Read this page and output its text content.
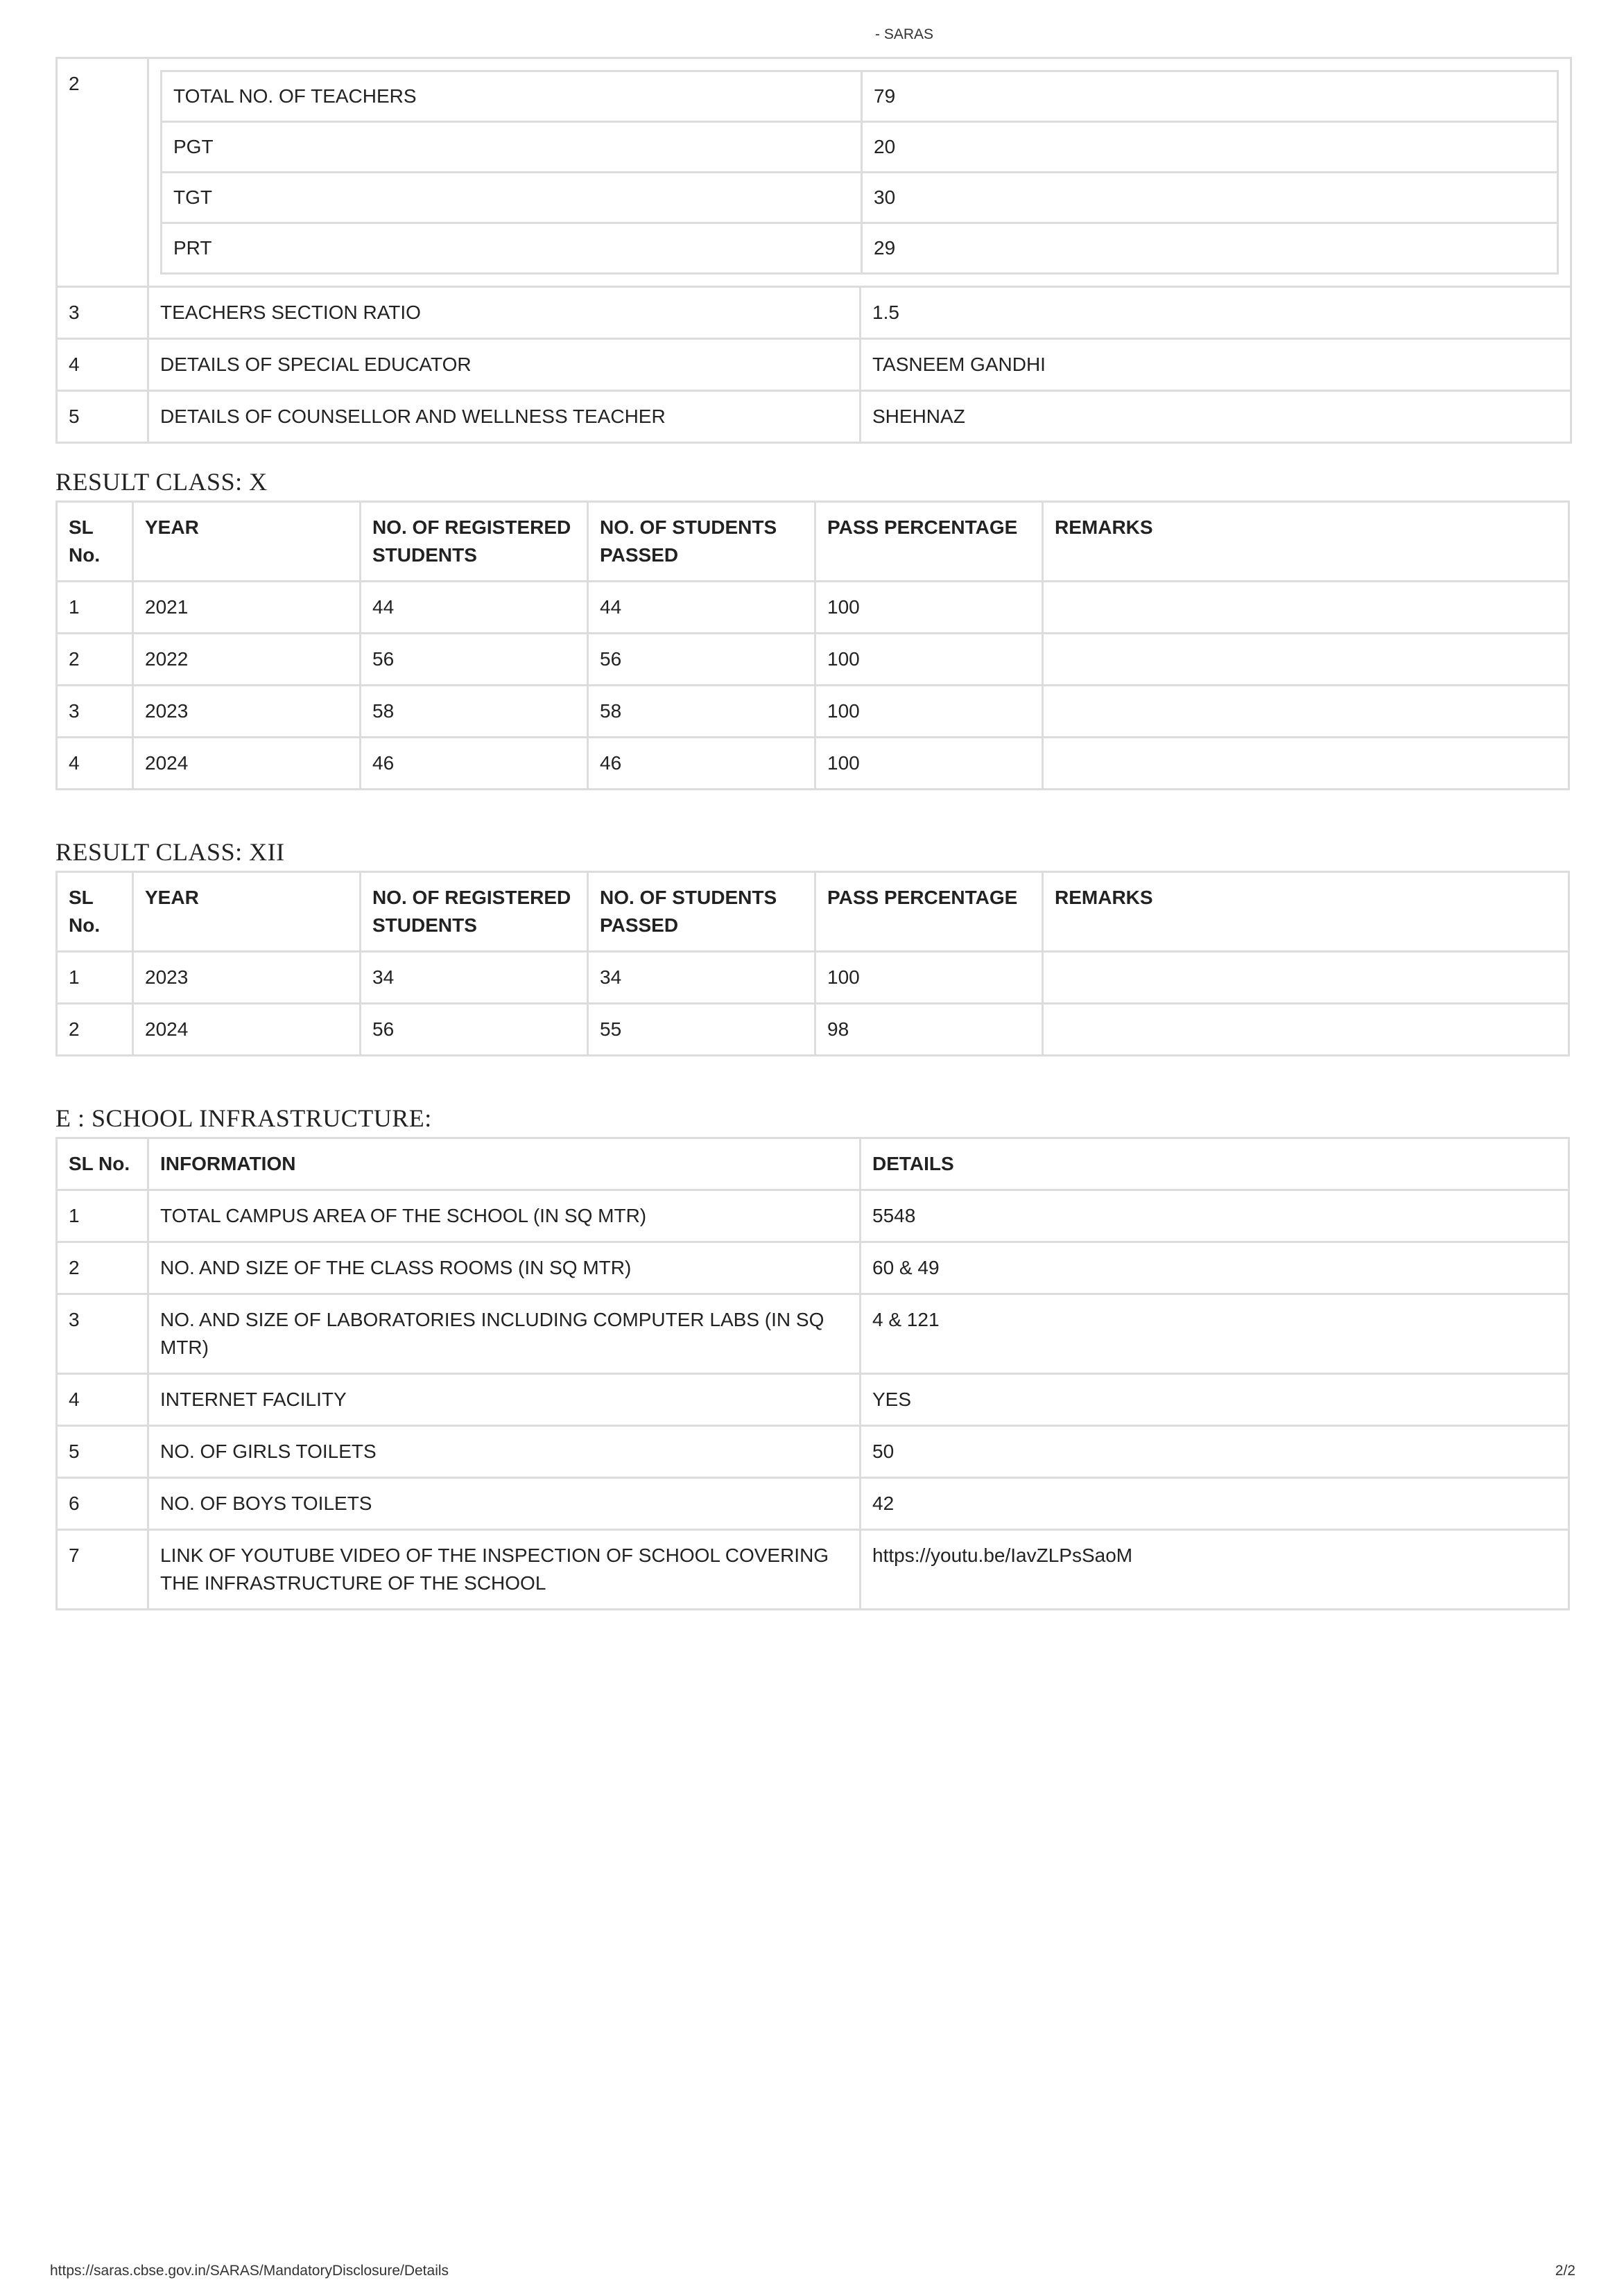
- SARAS
2	
TOTAL NO. OF TEACHERS	79
PGT	20
TGT	30
PRT	29

3	TEACHERS SECTION RATIO	1.5
4	DETAILS OF SPECIAL EDUCATOR	TASNEEM GANDHI
5	DETAILS OF COUNSELLOR AND WELLNESS TEACHER	SHEHNAZ
RESULT CLASS: X
SL No.	YEAR	NO. OF REGISTERED STUDENTS	NO. OF STUDENTS PASSED	PASS PERCENTAGE	REMARKS
1	2021	44	44	100	
2	2022	56	56	100	
3	2023	58	58	100	
4	2024	46	46	100	
RESULT CLASS: XII
SL No.	YEAR	NO. OF REGISTERED STUDENTS	NO. OF STUDENTS PASSED	PASS PERCENTAGE	REMARKS
1	2023	34	34	100	
2	2024	56	55	98	
E : SCHOOL INFRASTRUCTURE:
SL No.	INFORMATION	DETAILS
1	TOTAL CAMPUS AREA OF THE SCHOOL (IN SQ MTR)	5548
2	NO. AND SIZE OF THE CLASS ROOMS (IN SQ MTR)	60 & 49
3	NO. AND SIZE OF LABORATORIES INCLUDING COMPUTER LABS (IN SQ MTR)	4 & 121
4	INTERNET FACILITY	YES
5	NO. OF GIRLS TOILETS	50
6	NO. OF BOYS TOILETS	42
7	LINK OF YOUTUBE VIDEO OF THE INSPECTION OF SCHOOL COVERING THE INFRASTRUCTURE OF THE SCHOOL	https://youtu.be/IavZLPsSaoM
https://saras.cbse.gov.in/SARAS/MandatoryDisclosure/Details	2/2
